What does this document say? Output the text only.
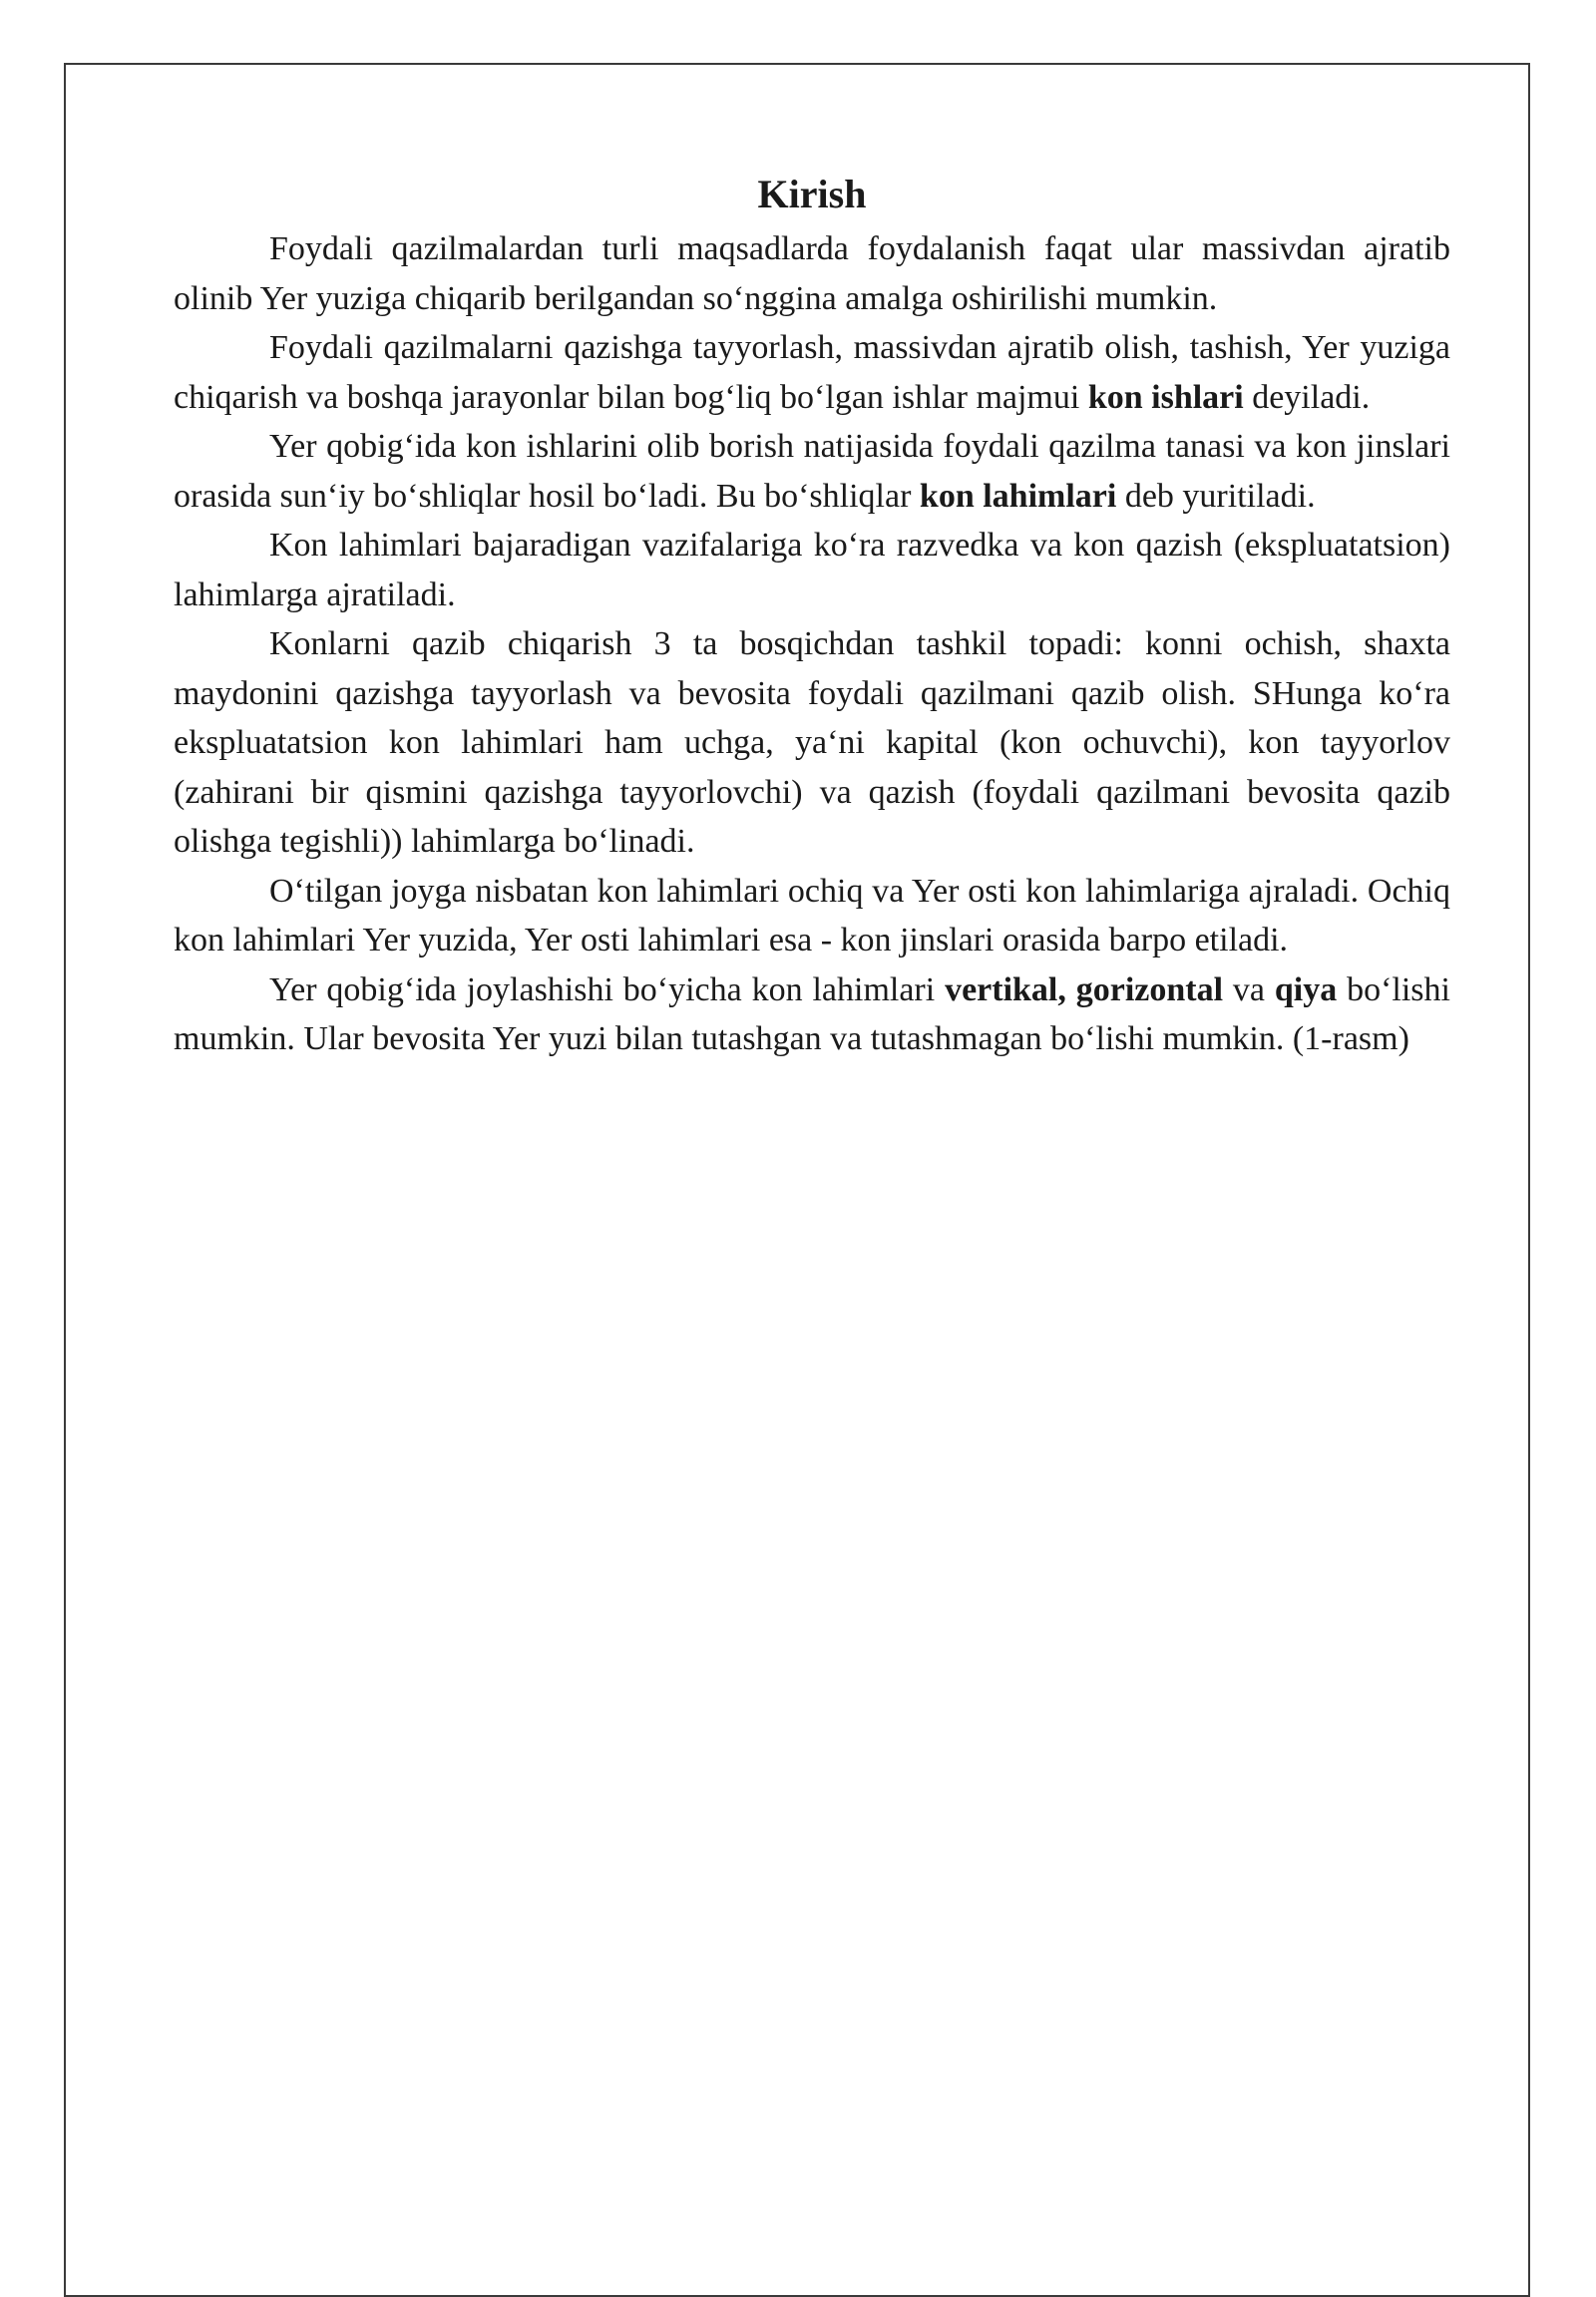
Kirish

Foydali qazilmalardan turli maqsadlarda foydalanish faqat ular massivdan ajratib olinib Yer yuziga chiqarib berilgandan so‘nggina amalga oshirilishi mumkin.

Foydali qazilmalarni qazishga tayyorlash, massivdan ajratib olish, tashish, Yer yuziga chiqarish va boshqa jarayonlar bilan bog‘liq bo‘lgan ishlar majmui kon ishlari deyiladi.

Yer qobig‘ida kon ishlarini olib borish natijasida foydali qazilma tanasi va kon jinslari orasida sun‘iy bo‘shliqlar hosil bo‘ladi. Bu bo‘shliqlar kon lahimlari deb yuritiladi.

Kon lahimlari bajaradigan vazifalariga ko‘ra razvedka va kon qazish (ekspluatatsion) lahimlarga ajratiladi.

Konlarni qazib chiqarish 3 ta bosqichdan tashkil topadi: konni ochish, shaxta maydonini qazishga tayyorlash va bevosita foydali qazilmani qazib olish. SHunga ko‘ra ekspluatatsion kon lahimlari ham uchga, ya‘ni kapital (kon ochuvchi), kon tayyorlov (zahirani bir qismini qazishga tayyorlovchi) va qazish (foydali qazilmani bevosita qazib olishga tegishli)) lahimlarga bo‘linadi.

O‘tilgan joyga nisbatan kon lahimlari ochiq va Yer osti kon lahimlariga ajraladi. Ochiq kon lahimlari Yer yuzida, Yer osti lahimlari esa - kon jinslari orasida barpo etiladi.

Yer qobig‘ida joylashishi bo‘yicha kon lahimlari vertikal, gorizontal va qiya bo‘lishi mumkin. Ular bevosita Yer yuzi bilan tutashgan va tutashmagan bo‘lishi mumkin. (1-rasm)
